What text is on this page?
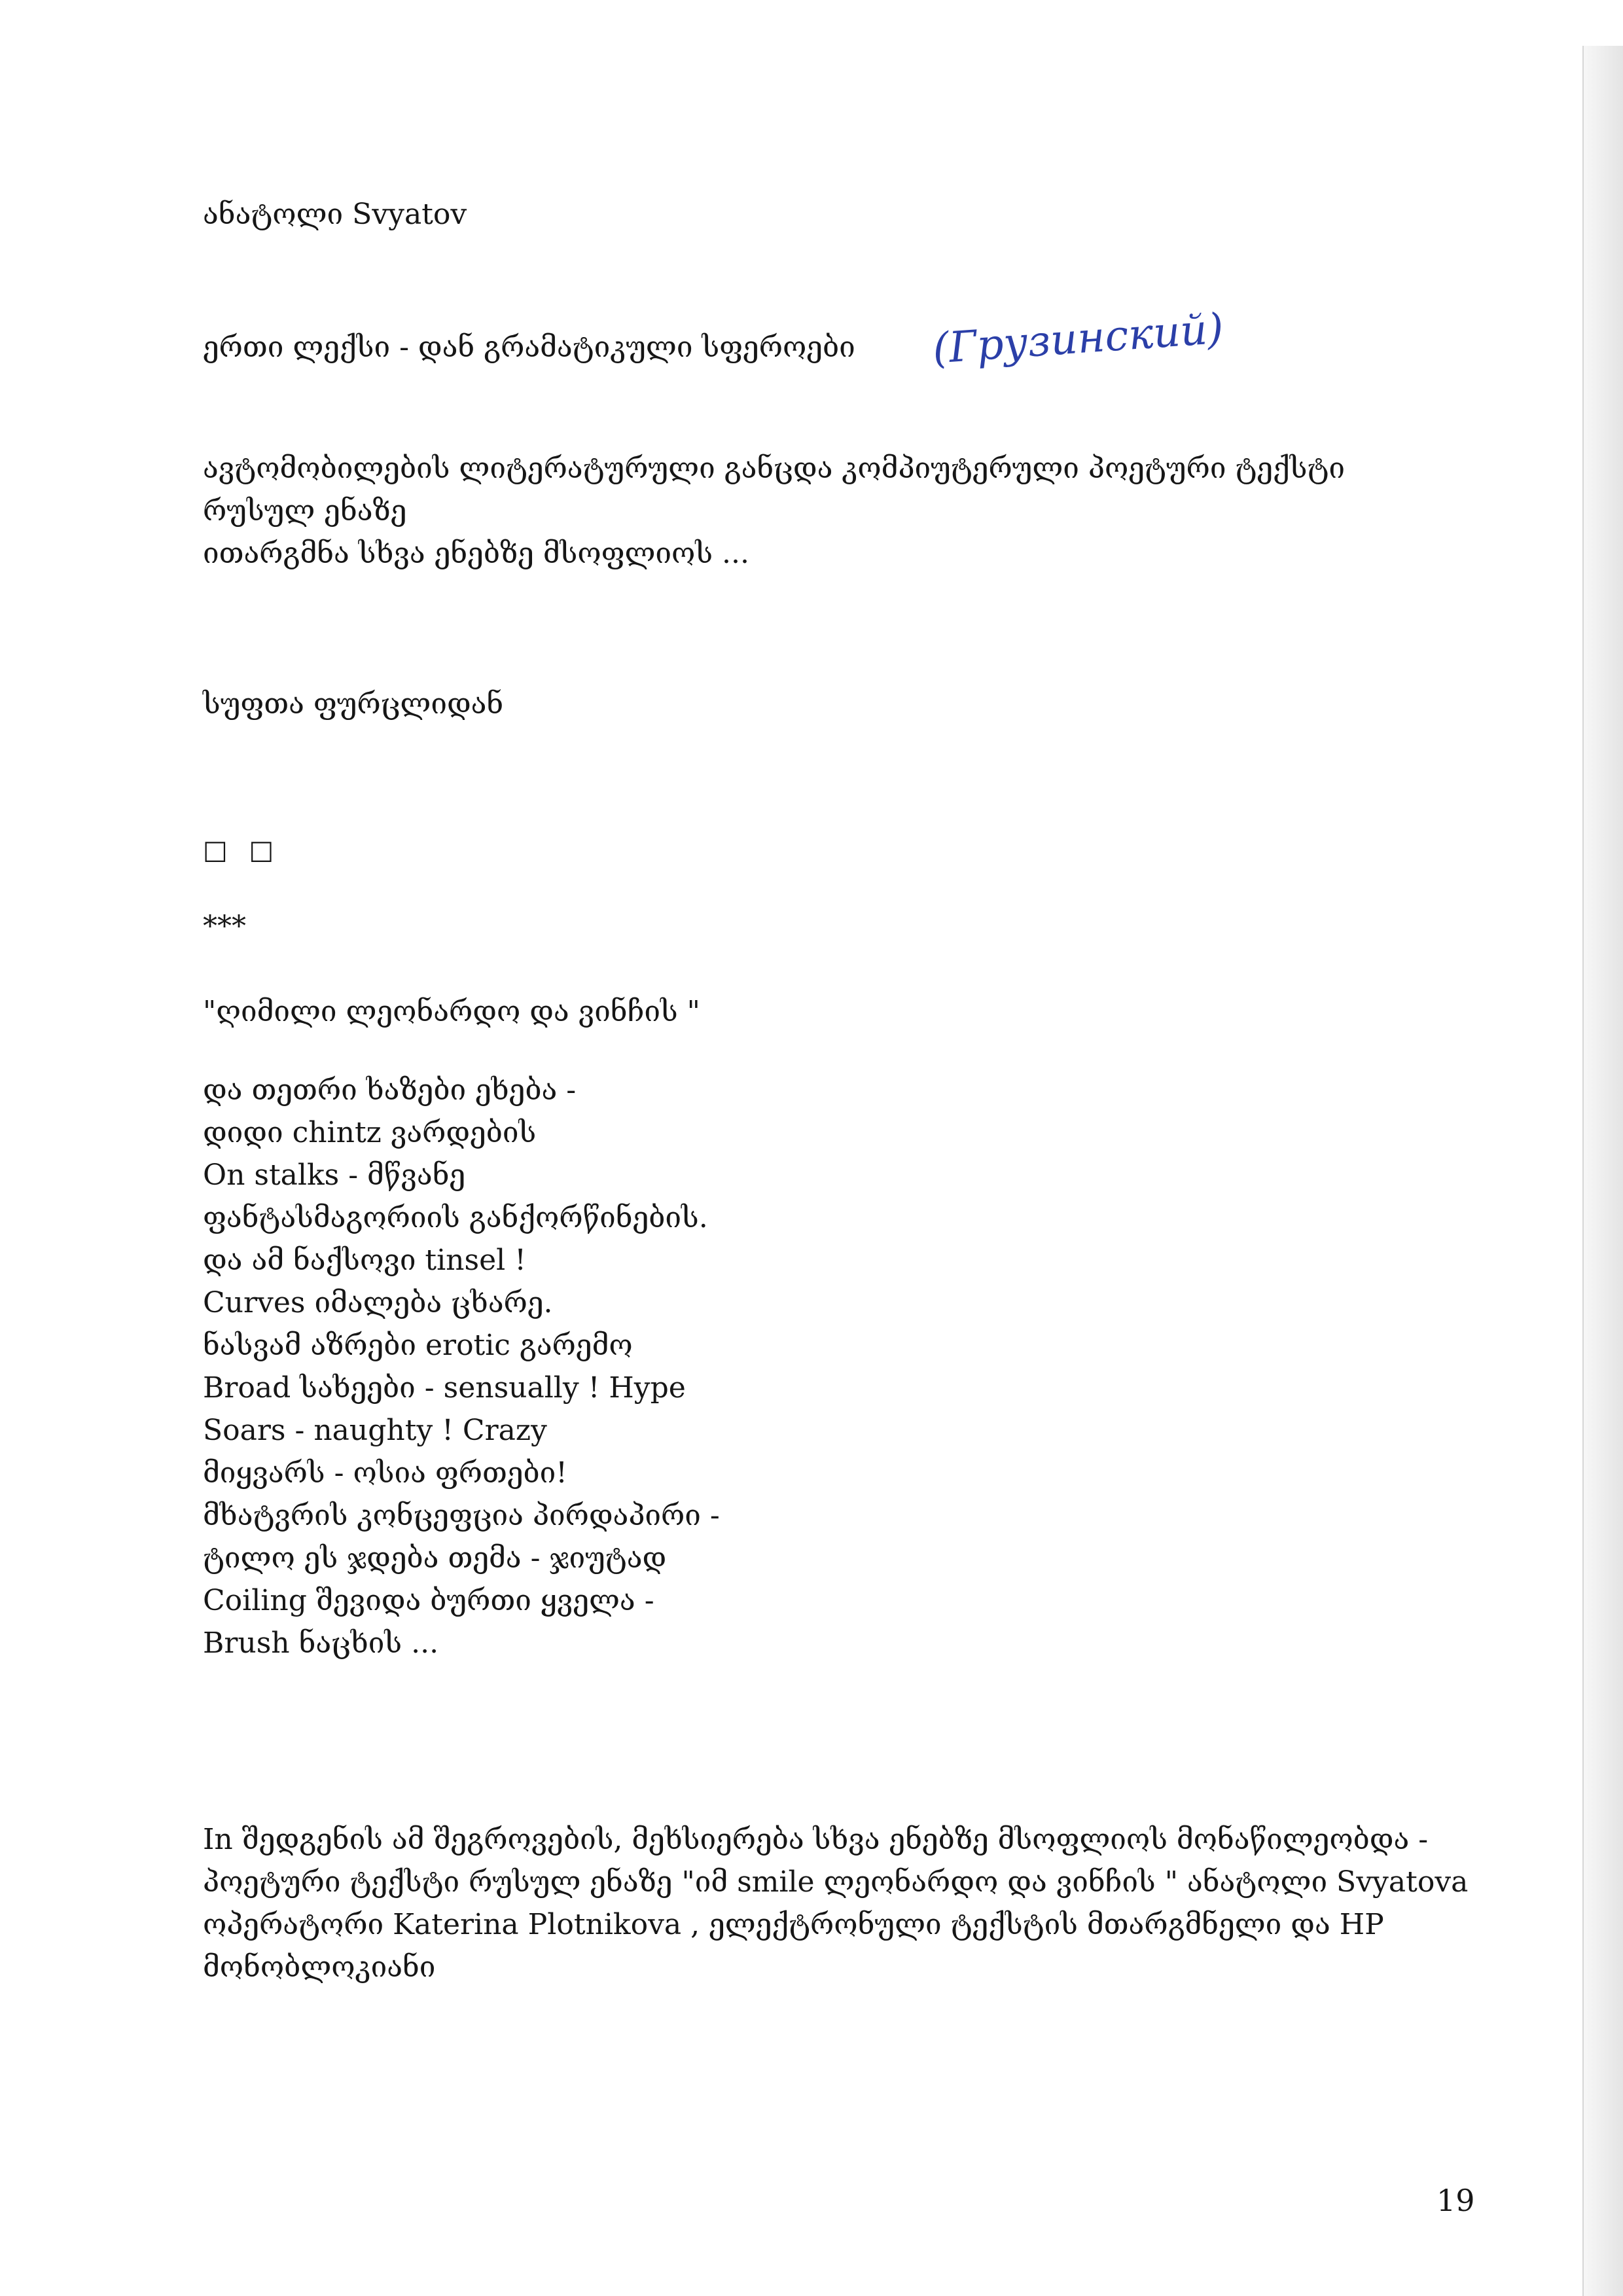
ანატოლი Svyatov

ერთი ლექსი - დან გრამატიკული სფეროები (Грузинский)

ავტომობილების ლიტერატურული განცდა კომპიუტერული პოეტური ტექსტი

რუსულ ენაზე

ითარგმნა სხვა ენებზე მსოფლიოს ...

სუფთა ფურცლიდან

□ □

***

"ღიმილი ლეონარდო და ვინჩის "

და თეთრი ხაზები ეხება -

დიდი chintz ვარდების

On stalks - მწვანე

ფანტასმაგორიის განქორწინების.

და ამ ნაქსოვი tinsel !

Curves იმალება ცხარე.

ნასვამ აზრები erotic გარემო

Broad სახეები - sensually ! Hype

Soars - naughty ! Crazy

მიყვარს - ოსია ფრთები!

მხატვრის კონცეფცია პირდაპირი -

ტილო ეს ჯდება თემა - ჯიუტად

Coiling შევიდა ბურთი ყველა -

Brush ნაცხის ...

In შედგენის ამ შეგროვების, მეხსიერება სხვა ენებზე მსოფლიოს მონაწილეობდა -

პოეტური ტექსტი რუსულ ენაზე "იმ smile ლეონარდო და ვინჩის " ანატოლი Svyatova

ოპერატორი Katerina Plotnikova , ელექტრონული ტექსტის მთარგმნელი და HP

მონობლოკიანი

19
